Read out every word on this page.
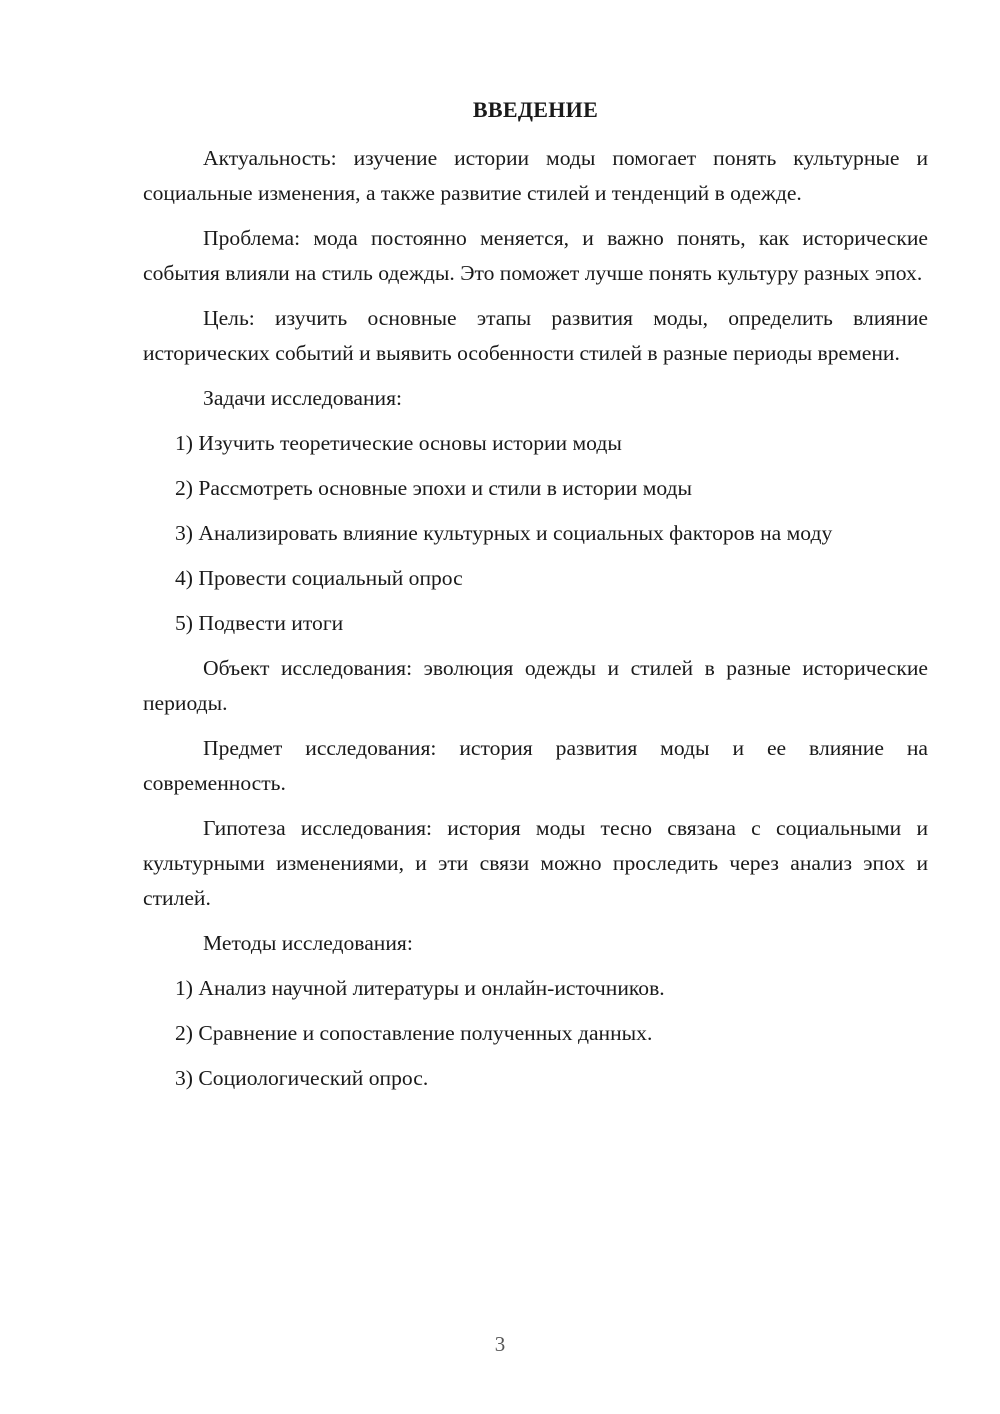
ВВЕДЕНИЕ

Актуальность: изучение истории моды помогает понять культурные и социальные изменения, а также развитие стилей и тенденций в одежде.

Проблема: мода постоянно меняется, и важно понять, как исторические события влияли на стиль одежды. Это поможет лучше понять культуру разных эпох.

Цель: изучить основные этапы развития моды, определить влияние исторических событий и выявить особенности стилей в разные периоды времени.

Задачи исследования:

1) Изучить теоретические основы истории моды

2) Рассмотреть основные эпохи и стили в истории моды

3) Анализировать влияние культурных и социальных факторов на моду

4) Провести социальный опрос

5) Подвести итоги

Объект исследования: эволюция одежды и стилей в разные исторические периоды.

Предмет исследования: история развития моды и ее влияние на современность.

Гипотеза исследования: история моды тесно связана с социальными и культурными изменениями, и эти связи можно проследить через анализ эпох и стилей.

Методы исследования:

1) Анализ научной литературы и онлайн-источников.

2) Сравнение и сопоставление полученных данных.

3) Социологический опрос.

3
